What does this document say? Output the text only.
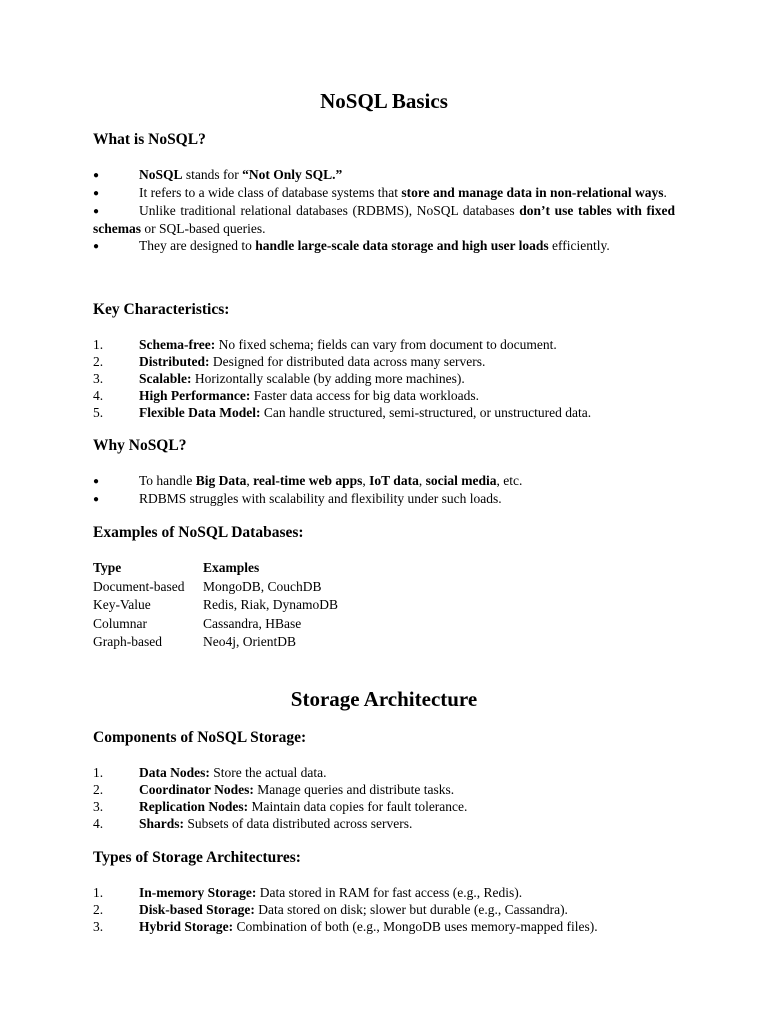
NoSQL Basics
What is NoSQL?
●	NoSQL stands for “Not Only SQL.”
●	It refers to a wide class of database systems that store and manage data in non-relational ways.
●	Unlike traditional relational databases (RDBMS), NoSQL databases don’t use tables with fixed schemas or SQL-based queries.
●	They are designed to handle large-scale data storage and high user loads efficiently.
Key Characteristics:
1.	Schema-free: No fixed schema; fields can vary from document to document.
2.	Distributed: Designed for distributed data across many servers.
3.	Scalable: Horizontally scalable (by adding more machines).
4.	High Performance: Faster data access for big data workloads.
5.	Flexible Data Model: Can handle structured, semi-structured, or unstructured data.
Why NoSQL?
●	To handle Big Data, real-time web apps, IoT data, social media, etc.
●	RDBMS struggles with scalability and flexibility under such loads.
Examples of NoSQL Databases:
Type	Examples
Document-based	MongoDB, CouchDB
Key-Value	Redis, Riak, DynamoDB
Columnar	Cassandra, HBase
Graph-based	Neo4j, OrientDB
Storage Architecture
Components of NoSQL Storage:
1.	Data Nodes: Store the actual data.
2.	Coordinator Nodes: Manage queries and distribute tasks.
3.	Replication Nodes: Maintain data copies for fault tolerance.
4.	Shards: Subsets of data distributed across servers.
Types of Storage Architectures:
1.	In-memory Storage: Data stored in RAM for fast access (e.g., Redis).
2.	Disk-based Storage: Data stored on disk; slower but durable (e.g., Cassandra).
3.	Hybrid Storage: Combination of both (e.g., MongoDB uses memory-mapped files).
